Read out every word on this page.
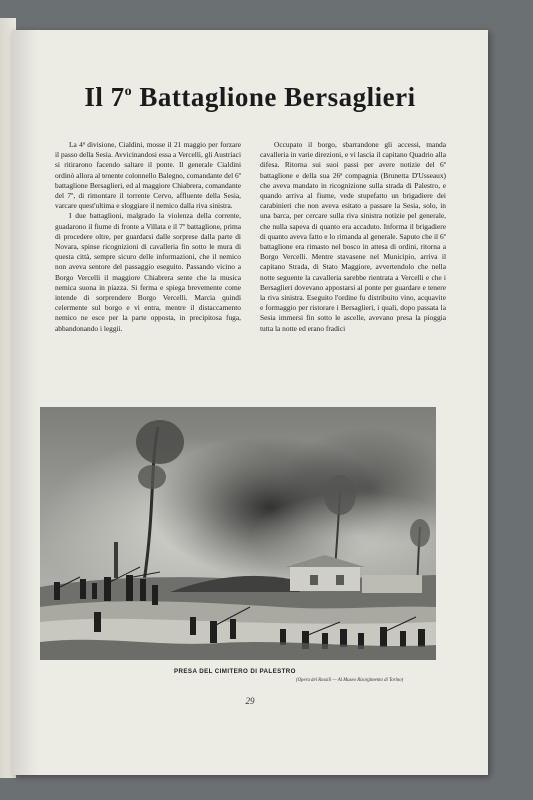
Il 7$^o$ Battaglione Bersaglieri

La 4ª divisione, Cialdini, mosse il 21 maggio per forzare il passo della Sesia. Avvicinandosi essa a Vercelli, gli Austriaci si ritirarono facendo saltare il ponte. Il generale Cialdini ordinò allora al tenente colonnello Balegno, comandante del 6º battaglione Bersaglieri, ed al maggiore Chiabrera, comandante del 7º, di rimontare il torrente Cervo, affluente della Sesia, varcare quest'ultima e sloggiare il nemico dalla riva sinistra.

I due battaglioni, malgrado la violenza della corrente, guadarono il fiume di fronte a Villata e il 7º battaglione, prima di procedere oltre, per guardarsi dalle sorprese dalla parte di Novara, spinse ricognizioni di cavalleria fin sotto le mura di questa città, sempre sicuro delle informazioni, che il nemico non aveva sentore del passaggio eseguito. Passando vicino a Borgo Vercelli il maggiore Chiabrera sente che la musica nemica suona in piazza. Si ferma e spiega brevemente come intende di sorprendere Borgo Vercelli. Marcia quindi celermente sul borgo e vi entra, mentre il distaccamento nemico ne esce per la parte opposta, in precipitosa fuga, abbandonando i leggii.

Occupato il borgo, sbarrandone gli accessi, manda cavalleria in varie direzioni, e vi lascia il capitano Quadrio alla difesa. Ritorna sui suoi passi per avere notizie del 6º battaglione e della sua 26ª compagnia (Brunetta D'Usseaux) che aveva mandato in ricognizione sulla strada di Palestro, e quando arriva al fiume, vede stupefatto un brigadiere dei carabinieri che non aveva esitato a passare la Sesia, solo, in una barca, per cercare sulla riva sinistra notizie pel generale, che nulla sapeva di quanto era accaduto. Informa il brigadiere di quanto aveva fatto e lo rimanda al generale. Saputo che il 6º battaglione era rimasto nel bosco in attesa di ordini, ritorna a Borgo Vercelli. Mentre stavasene nel Municipio, arriva il capitano Strada, di Stato Maggiore, avvertendolo che nella notte seguente la cavalleria sarebbe rientrata a Vercelli e che i Bersaglieri dovevano appostarsi al ponte per guardare e tenere la riva sinistra. Eseguito l'ordine fu distribuito vino, acquavite e formaggio per ristorare i Bersaglieri, i quali, dopo passata la Sesia immersi fin sotto le ascelle, avevano presa la pioggia tutta la notte ed erano fradici

PRESA DEL CIMITERO DI PALESTRO
(Opera del Rossili — Al Museo Risorgimento di Torino)
29
